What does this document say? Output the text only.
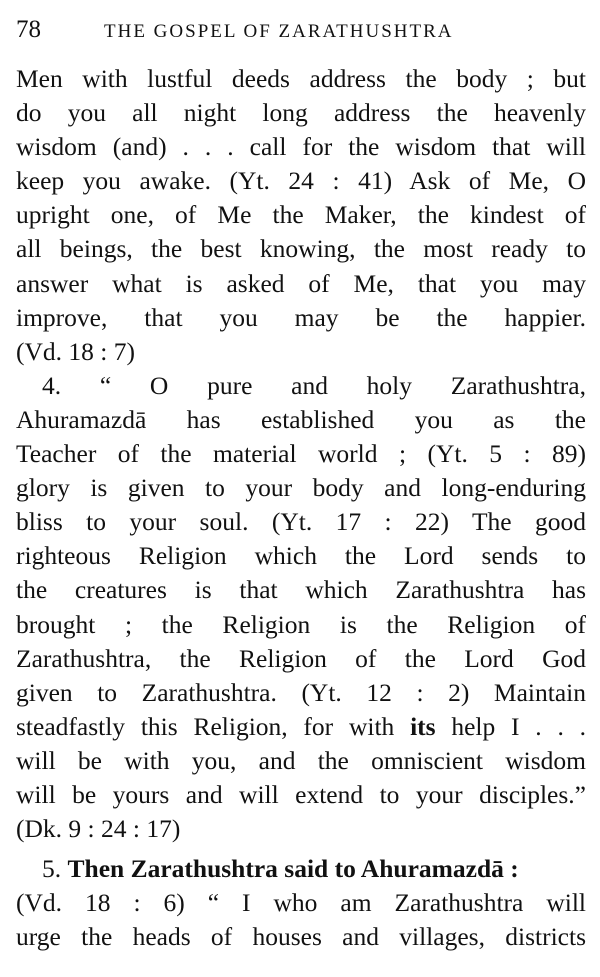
78	THE GOSPEL OF ZARATHUSHTRA
Men with lustful deeds address the body ; but
do you all night long address the heavenly
wisdom (and) . . . call for the wisdom that will
keep you awake. (Yt. 24 : 41) Ask of Me, O
upright one, of Me the Maker, the kindest of
all beings, the best knowing, the most ready to
answer what is asked of Me, that you may
improve, that you may be the happier.
(Vd. 18 : 7)
4. “ O pure and holy Zarathushtra,
Ahuramazdā has established you as the
Teacher of the material world ; (Yt. 5 : 89)
glory is given to your body and long-enduring
bliss to your soul. (Yt. 17 : 22) The good
righteous Religion which the Lord sends to
the creatures is that which Zarathushtra has
brought ; the Religion is the Religion of
Zarathushtra, the Religion of the Lord God
given to Zarathushtra. (Yt. 12 : 2) Maintain
steadfastly this Religion, for with its help I . . .
will be with you, and the omniscient wisdom
will be yours and will extend to your disciples.”
(Dk. 9 : 24 : 17)
5. Then Zarathushtra said to Ahuramazdā :
(Vd. 18 : 6) “ I who am Zarathushtra will
urge the heads of houses and villages, districts
